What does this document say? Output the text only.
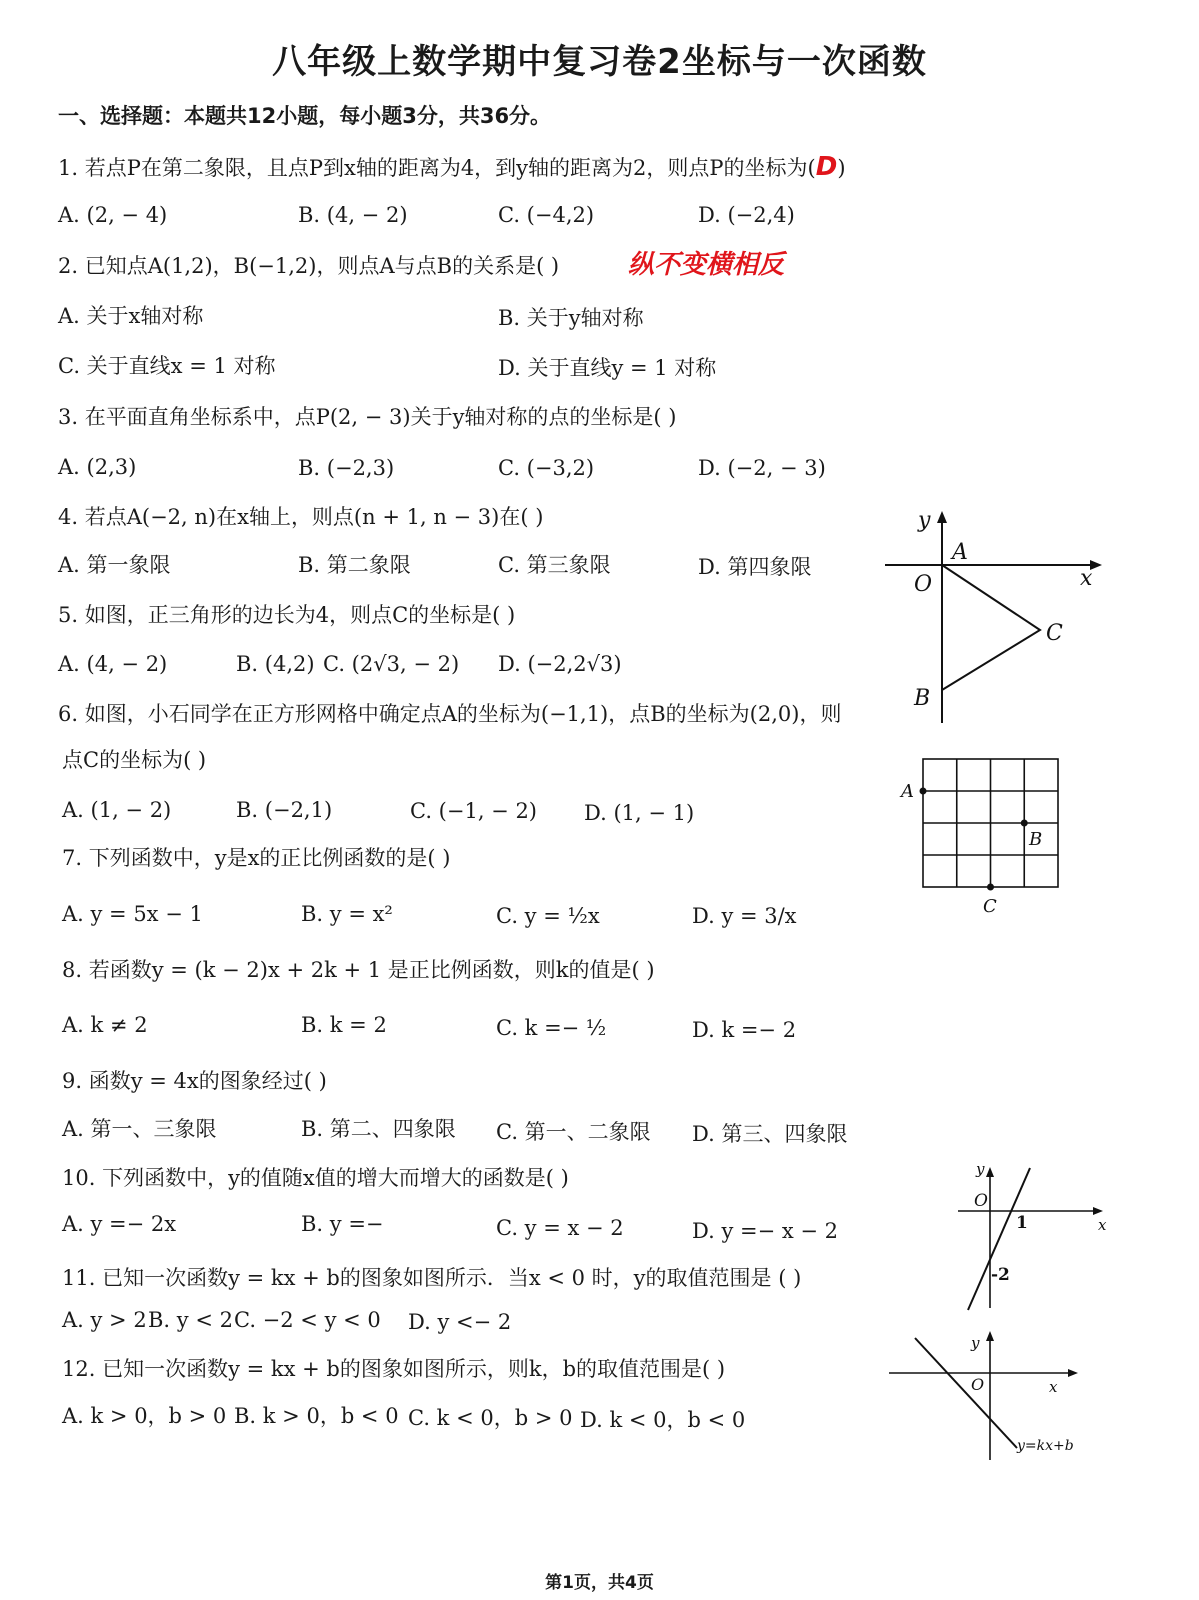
八年级上数学期中复习卷2坐标与一次函数
一、选择题：本题共12小题，每小题3分，共36分。
1. 若点P在第二象限，且点P到x轴的距离为4，到y轴的距离为2，则点P的坐标为(D)
A. (2, − 4)	B. (4, − 2)	C. (−4,2)	D. (−2,4)
2. 已知点A(1,2)，B(−1,2)，则点A与点B的关系是( )	纵不变横相反
A. 关于x轴对称	B. 关于y轴对称
C. 关于直线x = 1 对称	D. 关于直线y = 1 对称
3. 在平面直角坐标系中，点P(2, − 3)关于y轴对称的点的坐标是( )
A. (2,3)	B. (−2,3)	C. (−3,2)	D. (−2, − 3)
4. 若点A(−2, n)在x轴上，则点(n + 1, n − 3)在( )
A. 第一象限	B. 第二象限	C. 第三象限	D. 第四象限
5. 如图，正三角形的边长为4，则点C的坐标是( )
A. (4, − 2)	B. (4,2) C. (2√3, − 2) D. (−2,2√3)
6. 如图，小石同学在正方形网格中确定点A的坐标为(−1,1)，点B的坐标为(2,0)，则
点C的坐标为( )
A. (1, − 2)	B. (−2,1)	C. (−1, − 2) D. (1, − 1)
7. 下列函数中，y是x的正比例函数的是( )
A. y = 5x − 1	B. y = x²	C. y = ½x	D. y = 3/x
8. 若函数y = (k − 2)x + 2k + 1 是正比例函数，则k的值是( )
A. k ≠ 2	B. k = 2	C. k =− ½	D. k =− 2
9. 函数y = 4x的图象经过( )
A. 第一、三象限	B. 第二、四象限 C. 第一、二象限 D. 第三、四象限
10. 下列函数中，y的值随x值的增大而增大的函数是( )
A. y =− 2x	B. y =−	C. y = x − 2	D. y =− x − 2
11. 已知一次函数y = kx + b的图象如图所示．当x < 0 时，y的取值范围是 ( )
A. y > 2 B. y < 2 C. −2 < y < 0 D. y <− 2
12. 已知一次函数y = kx + b的图象如图所示，则k，b的取值范围是( )
A. k > 0，b > 0 B. k > 0，b < 0 C. k < 0，b > 0 D. k < 0，b < 0
y
x
O
A
C
B
A
B
C
y
x
O
1
-2
y
x
O
y=kx+b
第1页，共4页
